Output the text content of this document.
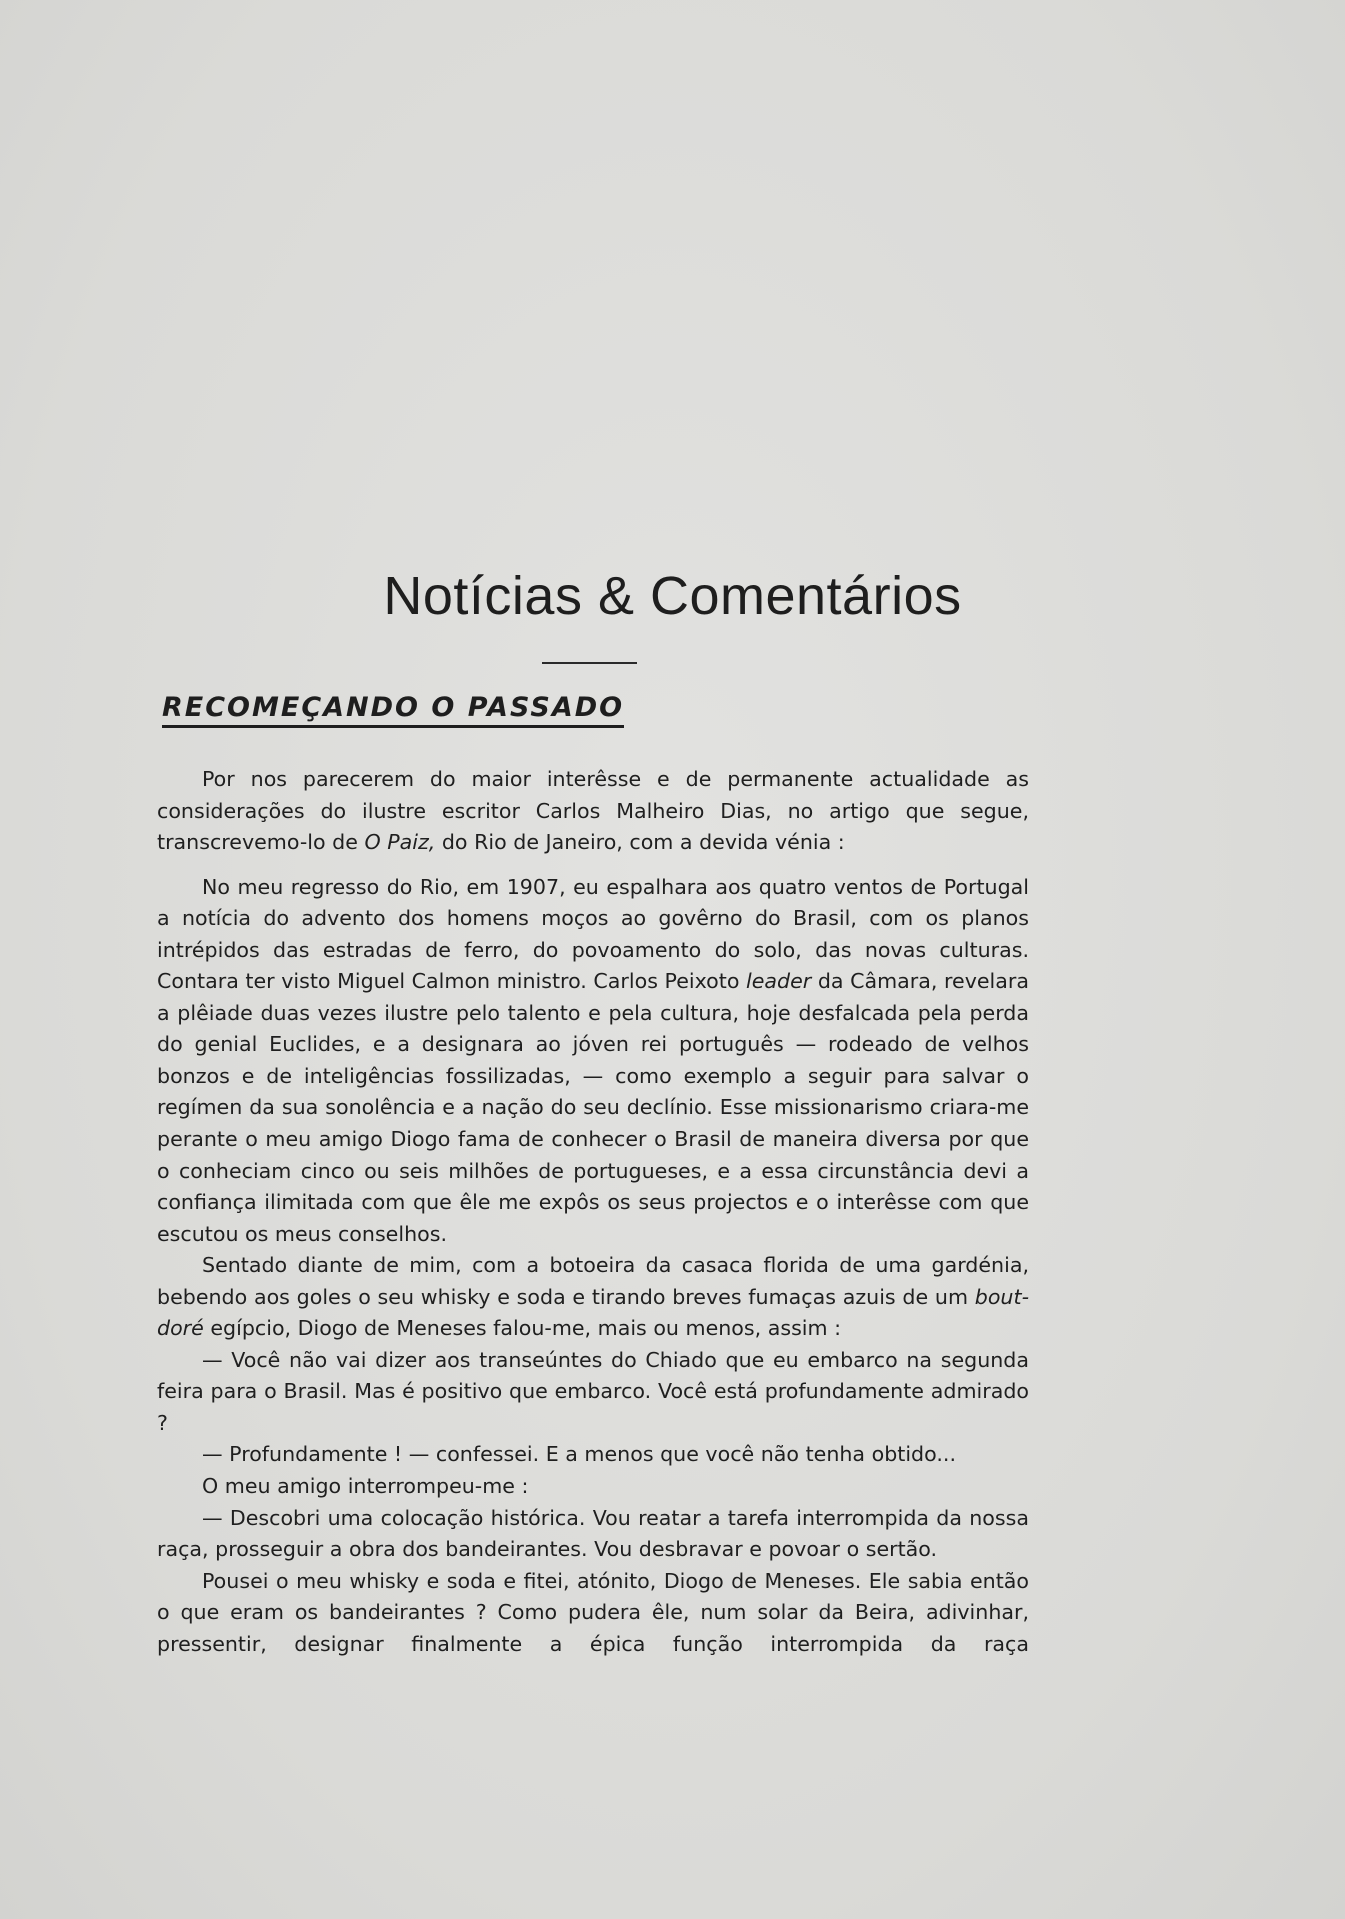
Notícias & Comentários
RECOMEÇANDO O PASSADO

Por nos parecerem do maior interêsse e de permanente actualidade as considerações do ilustre escritor Carlos Malheiro Dias, no artigo que segue, transcrevemo-lo de O Paiz, do Rio de Janeiro, com a devida vénia :

No meu regresso do Rio, em 1907, eu espalhara aos quatro ventos de Portugal a notícia do advento dos homens moços ao govêrno do Brasil, com os planos intrépidos das estradas de ferro, do povoamento do solo, das novas culturas. Contara ter visto Miguel Calmon ministro. Carlos Peixoto leader da Câmara, revelara a plêiade duas vezes ilustre pelo talento e pela cultura, hoje desfalcada pela perda do genial Euclides, e a designara ao jóven rei português — rodeado de velhos bonzos e de inteligências fossilizadas, — como exemplo a seguir para salvar o regímen da sua sonolência e a nação do seu declínio. Esse missionarismo criara-me perante o meu amigo Diogo fama de conhecer o Brasil de maneira diversa por que o conheciam cinco ou seis milhões de portugueses, e a essa circunstância devi a confiança ilimitada com que êle me expôs os seus projectos e o interêsse com que escutou os meus conselhos.

Sentado diante de mim, com a botoeira da casaca florida de uma gardénia, bebendo aos goles o seu whisky e soda e tirando breves fumaças azuis de um bout-doré egípcio, Diogo de Meneses falou-me, mais ou menos, assim :

— Você não vai dizer aos transeúntes do Chiado que eu embarco na segunda feira para o Brasil. Mas é positivo que embarco. Você está profundamente admirado ?

— Profundamente ! — confessei. E a menos que você não tenha obtido...

O meu amigo interrompeu-me :

— Descobri uma colocação histórica. Vou reatar a tarefa interrompida da nossa raça, prosseguir a obra dos bandeirantes. Vou desbravar e povoar o sertão.

Pousei o meu whisky e soda e fitei, atónito, Diogo de Meneses. Ele sabia então o que eram os bandeirantes ? Como pudera êle, num solar da Beira, adivinhar, pressentir, designar finalmente a épica função interrompida da raça
